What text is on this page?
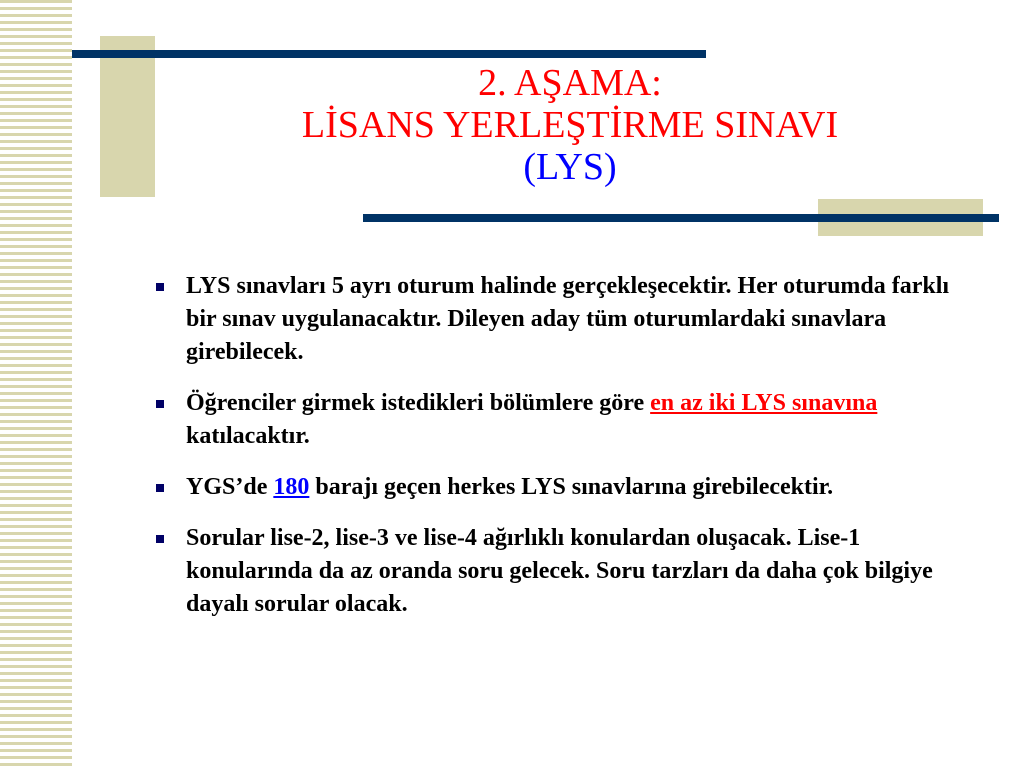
2. AŞAMA:
LİSANS YERLEŞTİRME SINAVI
(LYS)
LYS sınavları 5 ayrı oturum halinde gerçekleşecektir. Her oturumda farklı bir sınav uygulanacaktır. Dileyen aday tüm oturumlardaki sınavlara girebilecek.
Öğrenciler girmek istedikleri bölümlere göre en az iki LYS sınavına katılacaktır.
YGS’de 180 barajı geçen herkes LYS sınavlarına girebilecektir.
Sorular lise-2, lise-3 ve lise-4 ağırlıklı konulardan oluşacak. Lise-1 konularında da az oranda soru gelecek. Soru tarzları da daha çok bilgiye dayalı sorular olacak.
